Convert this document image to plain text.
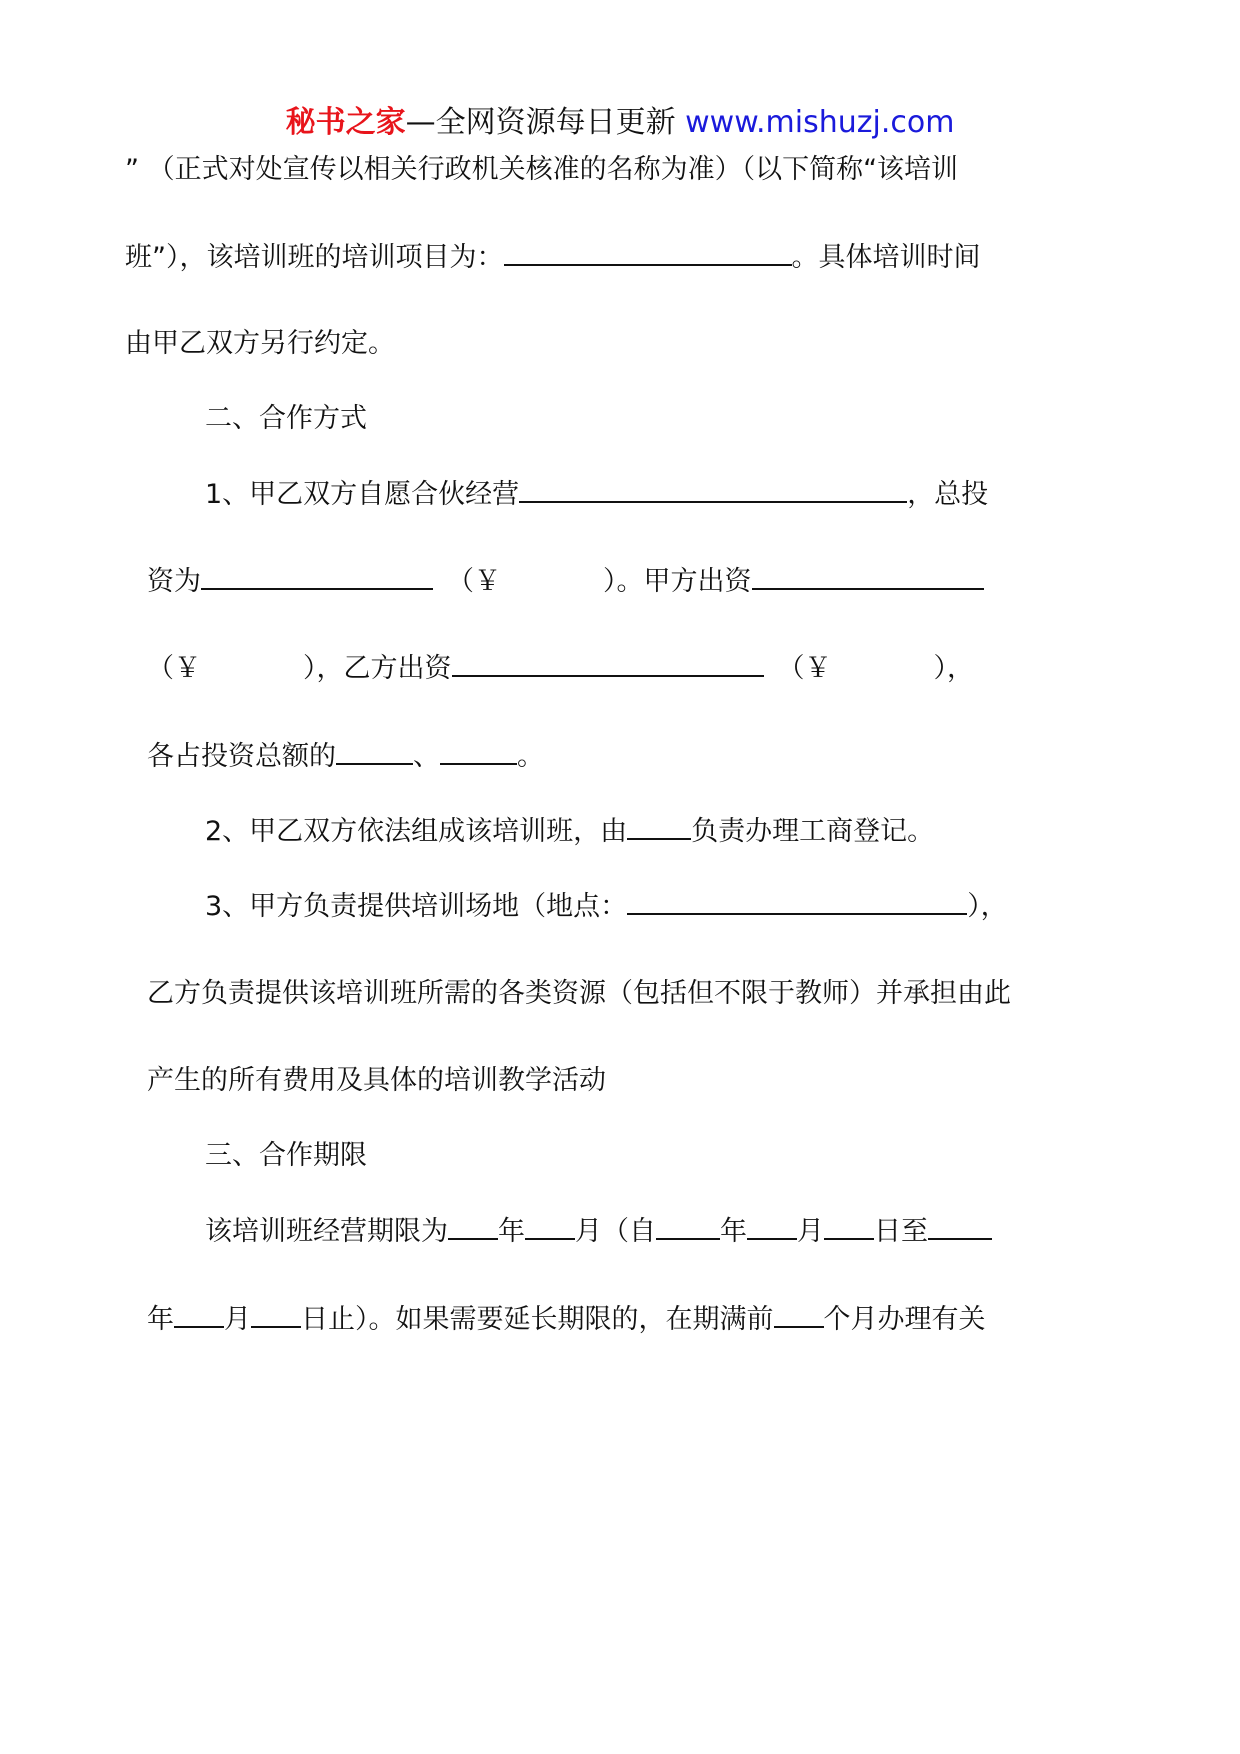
秘书之家—全网资源每日更新 www.mishuzj.com
” （正式对处宣传以相关行政机关核准的名称为准）（以下简称“该培训
班”），该培训班的培训项目为：	。具体培训时间
由甲乙双方另行约定。
二、合作方式
1、甲乙双方自愿合伙经营	，总投
资为	（￥	）。甲方出资
（￥	），乙方出资	（￥	），
各占投资总额的	、	。
2、甲乙双方依法组成该培训班，由 负责办理工商登记。
3、甲方负责提供培训场地（地点：	），
乙方负责提供该培训班所需的各类资源（包括但不限于教师）并承担由此
产生的所有费用及具体的培训教学活动
三、合作期限
该培训班经营期限为 年 月（自 年 月 日至
年 月 日止）。如果需要延长期限的，在期满前 个月办理有关
